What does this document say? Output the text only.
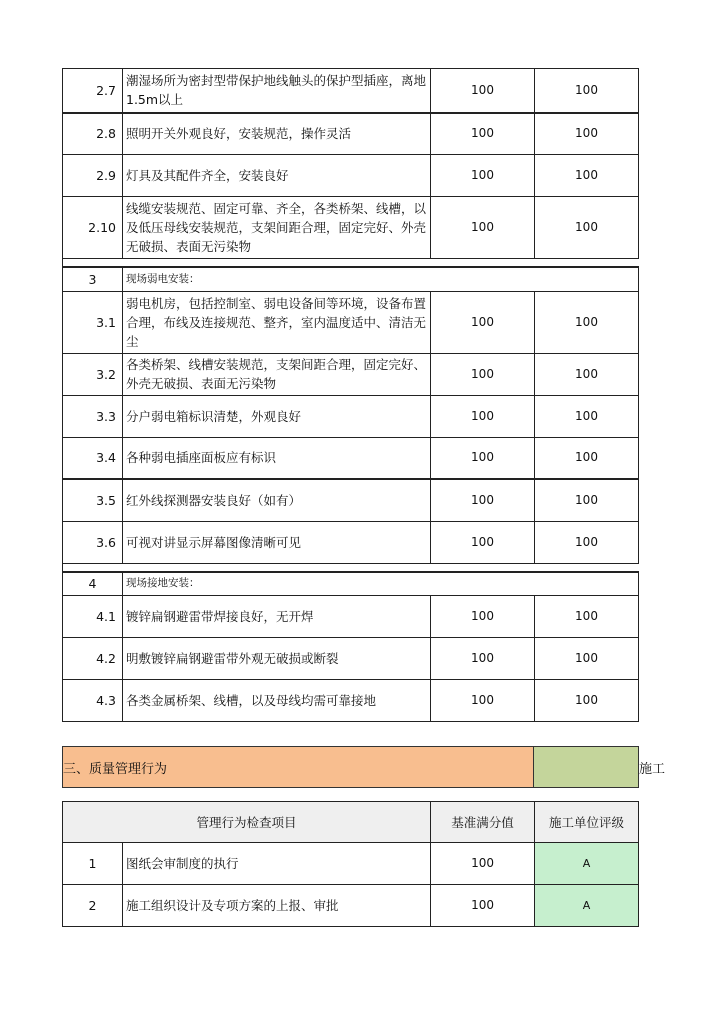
2.7	潮湿场所为密封型带保护地线触头的保护型插座，离地1.5m以上	100	100
2.8	照明开关外观良好，安装规范，操作灵活	100	100
2.9	灯具及其配件齐全，安装良好	100	100
2.10	线缆安装规范、固定可靠、齐全，各类桥架、线槽，以及低压母线安装规范，支架间距合理，固定完好、外壳无破损、表面无污染物	100	100

3	现场弱电安装：		
3.1	弱电机房，包括控制室、弱电设备间等环境，设备布置合理，布线及连接规范、整齐，室内温度适中、清洁无尘	100	100
3.2	各类桥架、线槽安装规范，支架间距合理，固定完好、外壳无破损、表面无污染物	100	100
3.3	分户弱电箱标识清楚，外观良好	100	100
3.4	各种弱电插座面板应有标识	100	100
3.5	红外线探测器安装良好（如有）	100	100
3.6	可视对讲显示屏幕图像清晰可见	100	100

4	现场接地安装：		
4.1	镀锌扁钢避雷带焊接良好，无开焊	100	100
4.2	明敷镀锌扁钢避雷带外观无破损或断裂	100	100
4.3	各类金属桥架、线槽，以及母线均需可靠接地	100	100
三、质量管理行为	施工
管理行为检查项目		基准满分值	施工单位评级
1	图纸会审制度的执行	100	A
2	施工组织设计及专项方案的上报、审批	100	A
